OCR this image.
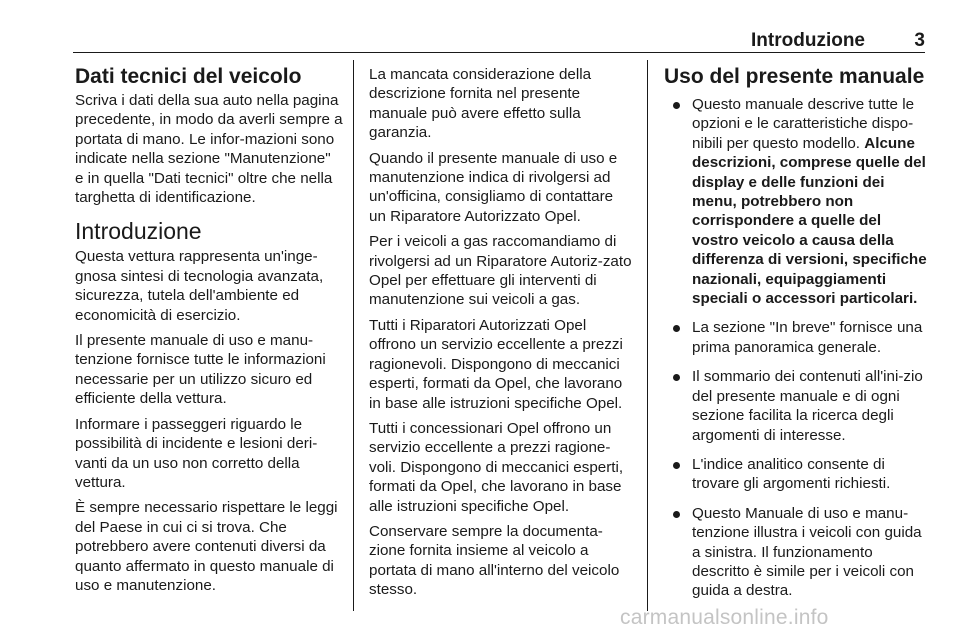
Introduzione	3
Dati tecnici del veicolo

Scriva i dati della sua auto nella pagina precedente, in modo da averli sempre a portata di mano. Le infor-mazioni sono indicate nella sezione "Manutenzione" e in quella "Dati tecnici" oltre che nella targhetta di identificazione.

Introduzione

Questa vettura rappresenta un'inge-gnosa sintesi di tecnologia avanzata, sicurezza, tutela dell'ambiente ed economicità di esercizio.

Il presente manuale di uso e manu-tenzione fornisce tutte le informazioni necessarie per un utilizzo sicuro ed efficiente della vettura.

Informare i passeggeri riguardo le possibilità di incidente e lesioni deri-vanti da un uso non corretto della vettura.

È sempre necessario rispettare le leggi del Paese in cui ci si trova. Che potrebbero avere contenuti diversi da quanto affermato in questo manuale di uso e manutenzione.

La mancata considerazione della descrizione fornita nel presente manuale può avere effetto sulla garanzia.

Quando il presente manuale di uso e manutenzione indica di rivolgersi ad un'officina, consigliamo di contattare un Riparatore Autorizzato Opel.

Per i veicoli a gas raccomandiamo di rivolgersi ad un Riparatore Autoriz-zato Opel per effettuare gli interventi di manutenzione sui veicoli a gas.

Tutti i Riparatori Autorizzati Opel offrono un servizio eccellente a prezzi ragionevoli. Dispongono di meccanici esperti, formati da Opel, che lavorano in base alle istruzioni specifiche Opel.

Tutti i concessionari Opel offrono un servizio eccellente a prezzi ragione-voli. Dispongono di meccanici esperti, formati da Opel, che lavorano in base alle istruzioni specifiche Opel.

Conservare sempre la documenta-zione fornita insieme al veicolo a portata di mano all'interno del veicolo stesso.

Uso del presente manuale
Questo manuale descrive tutte le opzioni e le caratteristiche dispo-nibili per questo modello. Alcune descrizioni, comprese quelle del display e delle funzioni dei menu, potrebbero non corrispondere a quelle del vostro veicolo a causa della differenza di versioni, specifiche nazionali, equipaggiamenti speciali o accessori particolari.
La sezione "In breve" fornisce una prima panoramica generale.
Il sommario dei contenuti all'ini-zio del presente manuale e di ogni sezione facilita la ricerca degli argomenti di interesse.
L'indice analitico consente di trovare gli argomenti richiesti.
Questo Manuale di uso e manu-tenzione illustra i veicoli con guida a sinistra. Il funzionamento descritto è simile per i veicoli con guida a destra.
carmanualsonline.info
